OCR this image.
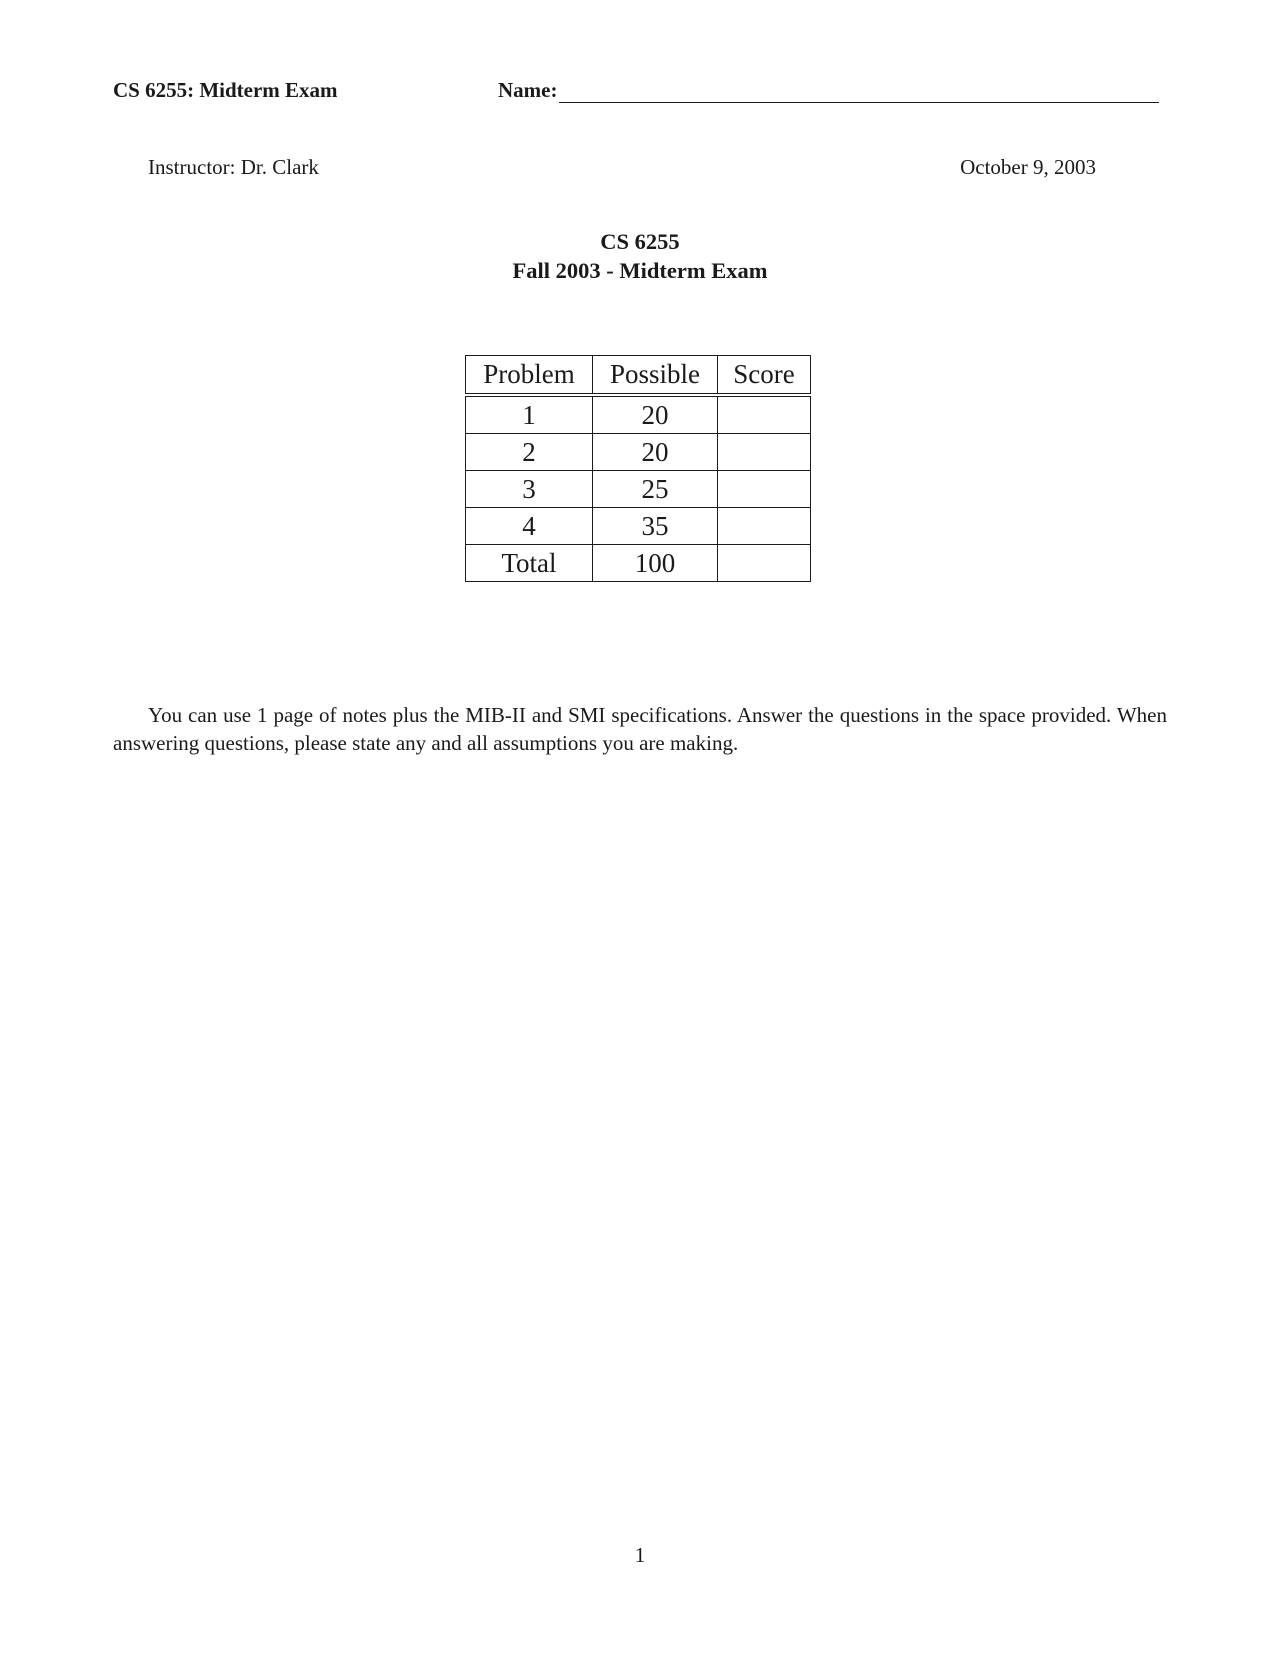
CS 6255: Midterm Exam	Name:
Instructor: Dr. Clark	October 9, 2003
CS 6255
Fall 2003 - Midterm Exam
Problem	Possible	Score
1	20	
2	20	
3	25	
4	35	
Total	100	

You can use 1 page of notes plus the MIB-II and SMI specifications. Answer the questions in the space provided. When answering questions, please state any and all assumptions you are making.

1
